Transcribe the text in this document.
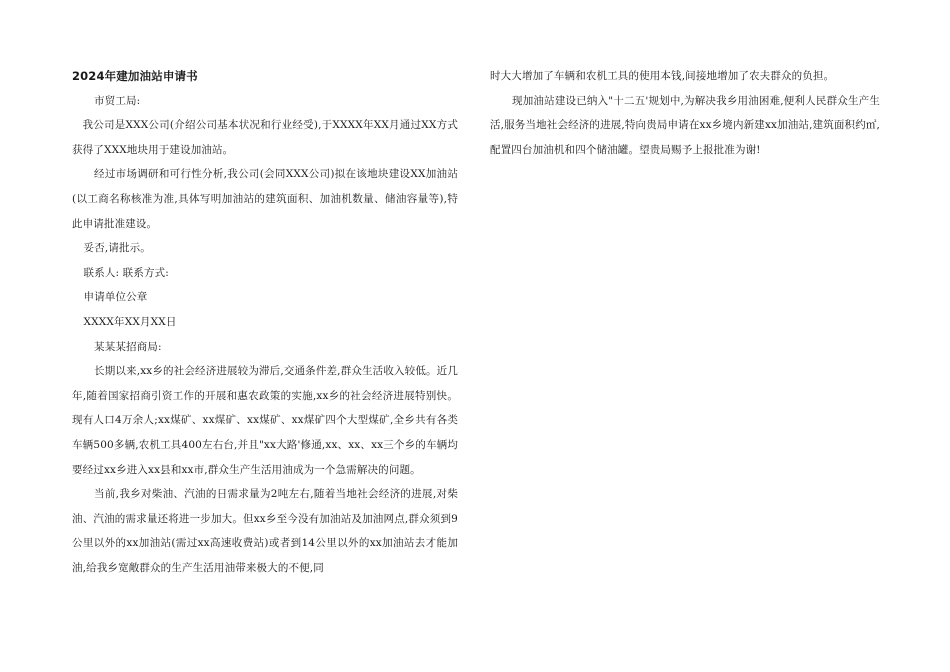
2024年建加油站申请书

市贸工局:

我公司是XXX公司(介绍公司基本状况和行业经受),于XXXX年XX月通过XX方式获得了XXX地块用于建设加油站。

经过市场调研和可行性分析,我公司(会同XXX公司)拟在该地块建设XX加油站(以工商名称核准为准,具体写明加油站的建筑面积、加油机数量、储油容量等),特此申请批准建设。

妥否,请批示。

联系人: 联系方式:

申请单位公章

XXXX年XX月XX日

某某某招商局:

长期以来,xx乡的社会经济进展较为滞后,交通条件差,群众生活收入较低。近几年,随着国家招商引资工作的开展和惠农政策的实施,xx乡的社会经济进展特别快。现有人口4万余人;xx煤矿、xx煤矿、xx煤矿、xx煤矿四个大型煤矿,全乡共有各类车辆500多辆,农机工具400左右台,并且"xx大路'修通,xx、xx、xx三个乡的车辆均要经过xx乡进入xx县和xx市,群众生产生活用油成为一个急需解决的问题。

当前,我乡对柴油、汽油的日需求量为2吨左右,随着当地社会经济的进展,对柴油、汽油的需求量还将进一步加大。但xx乡至今没有加油站及加油网点,群众须到9公里以外的xx加油站(需过xx高速收费站)或者到14公里以外的xx加油站去才能加油,给我乡宽敞群众的生产生活用油带来极大的不便,同

时大大增加了车辆和农机工具的使用本钱,间接地增加了农夫群众的负担。

现加油站建设已纳入"十二五'规划中,为解决我乡用油困难,便利人民群众生产生活,服务当地社会经济的进展,特向贵局申请在xx乡境内新建xx加油站,建筑面积约㎡,配置四台加油机和四个储油罐。望贵局赐予上报批准为谢!
